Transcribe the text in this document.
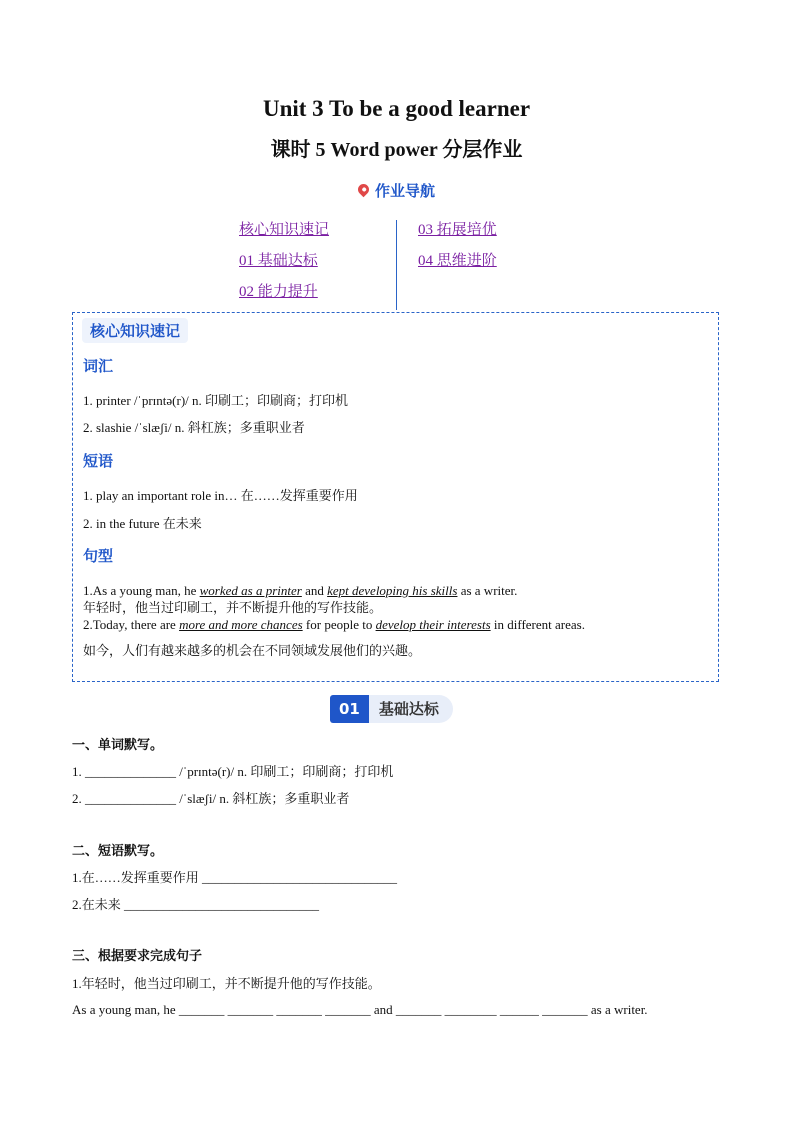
Unit 3 To be a good learner
课时 5 Word power 分层作业
作业导航
核心知识速记
01 基础达标
02 能力提升
03 拓展培优
04 思维进阶
核心知识速记
词汇
1. printer /ˈprɪntə(r)/ n. 印刷工；印刷商；打印机
2. slashie /ˈslæʃi/ n. 斜杠族；多重职业者
短语
1. play an important role in… 在……发挥重要作用
2. in the future 在未来
句型
1.As a young man, he worked as a printer and kept developing his skills as a writer.
年轻时，他当过印刷工，并不断提升他的写作技能。
2.Today, there are more and more chances for people to develop their interests in different areas.
如今，人们有越来越多的机会在不同领域发展他们的兴趣。
01	基础达标
一、单词默写。
1. ______________ /ˈprɪntə(r)/ n. 印刷工；印刷商；打印机
2. ______________ /ˈslæʃi/ n. 斜杠族；多重职业者
二、短语默写。
1.在……发挥重要作用 ______________________________
2.在未来 ______________________________
三、根据要求完成句子
1.年轻时，他当过印刷工，并不断提升他的写作技能。
As a young man, he _______ _______ _______ _______ and _______ ________ ______ _______ as a writer.
